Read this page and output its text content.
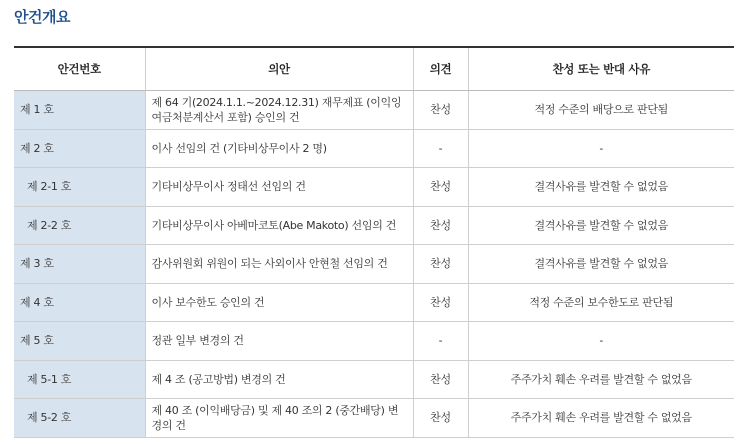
안건개요
안건번호	의안	의견	찬성 또는 반대 사유
제 1 호	제 64 기(2024.1.1.~2024.12.31) 재무제표 (이익잉여금처분계산서 포함) 승인의 건	찬성	적정 수준의 배당으로 판단됨
제 2 호	이사 선임의 건 (기타비상무이사 2 명)	-	-
제 2-1 호	기타비상무이사 정태선 선임의 건	찬성	결격사유를 발견할 수 없었음
제 2-2 호	기타비상무이사 아베마코토(Abe Makoto) 선임의 건	찬성	결격사유를 발견할 수 없었음
제 3 호	감사위원회 위원이 되는 사외이사 안현철 선임의 건	찬성	결격사유를 발견할 수 없었음
제 4 호	이사 보수한도 승인의 건	찬성	적정 수준의 보수한도로 판단됨
제 5 호	정관 일부 변경의 건	-	-
제 5-1 호	제 4 조 (공고방법) 변경의 건	찬성	주주가치 훼손 우려를 발견할 수 없었음
제 5-2 호	제 40 조 (이익배당금) 및 제 40 조의 2 (중간배당) 변경의 건	찬성	주주가치 훼손 우려를 발견할 수 없었음
